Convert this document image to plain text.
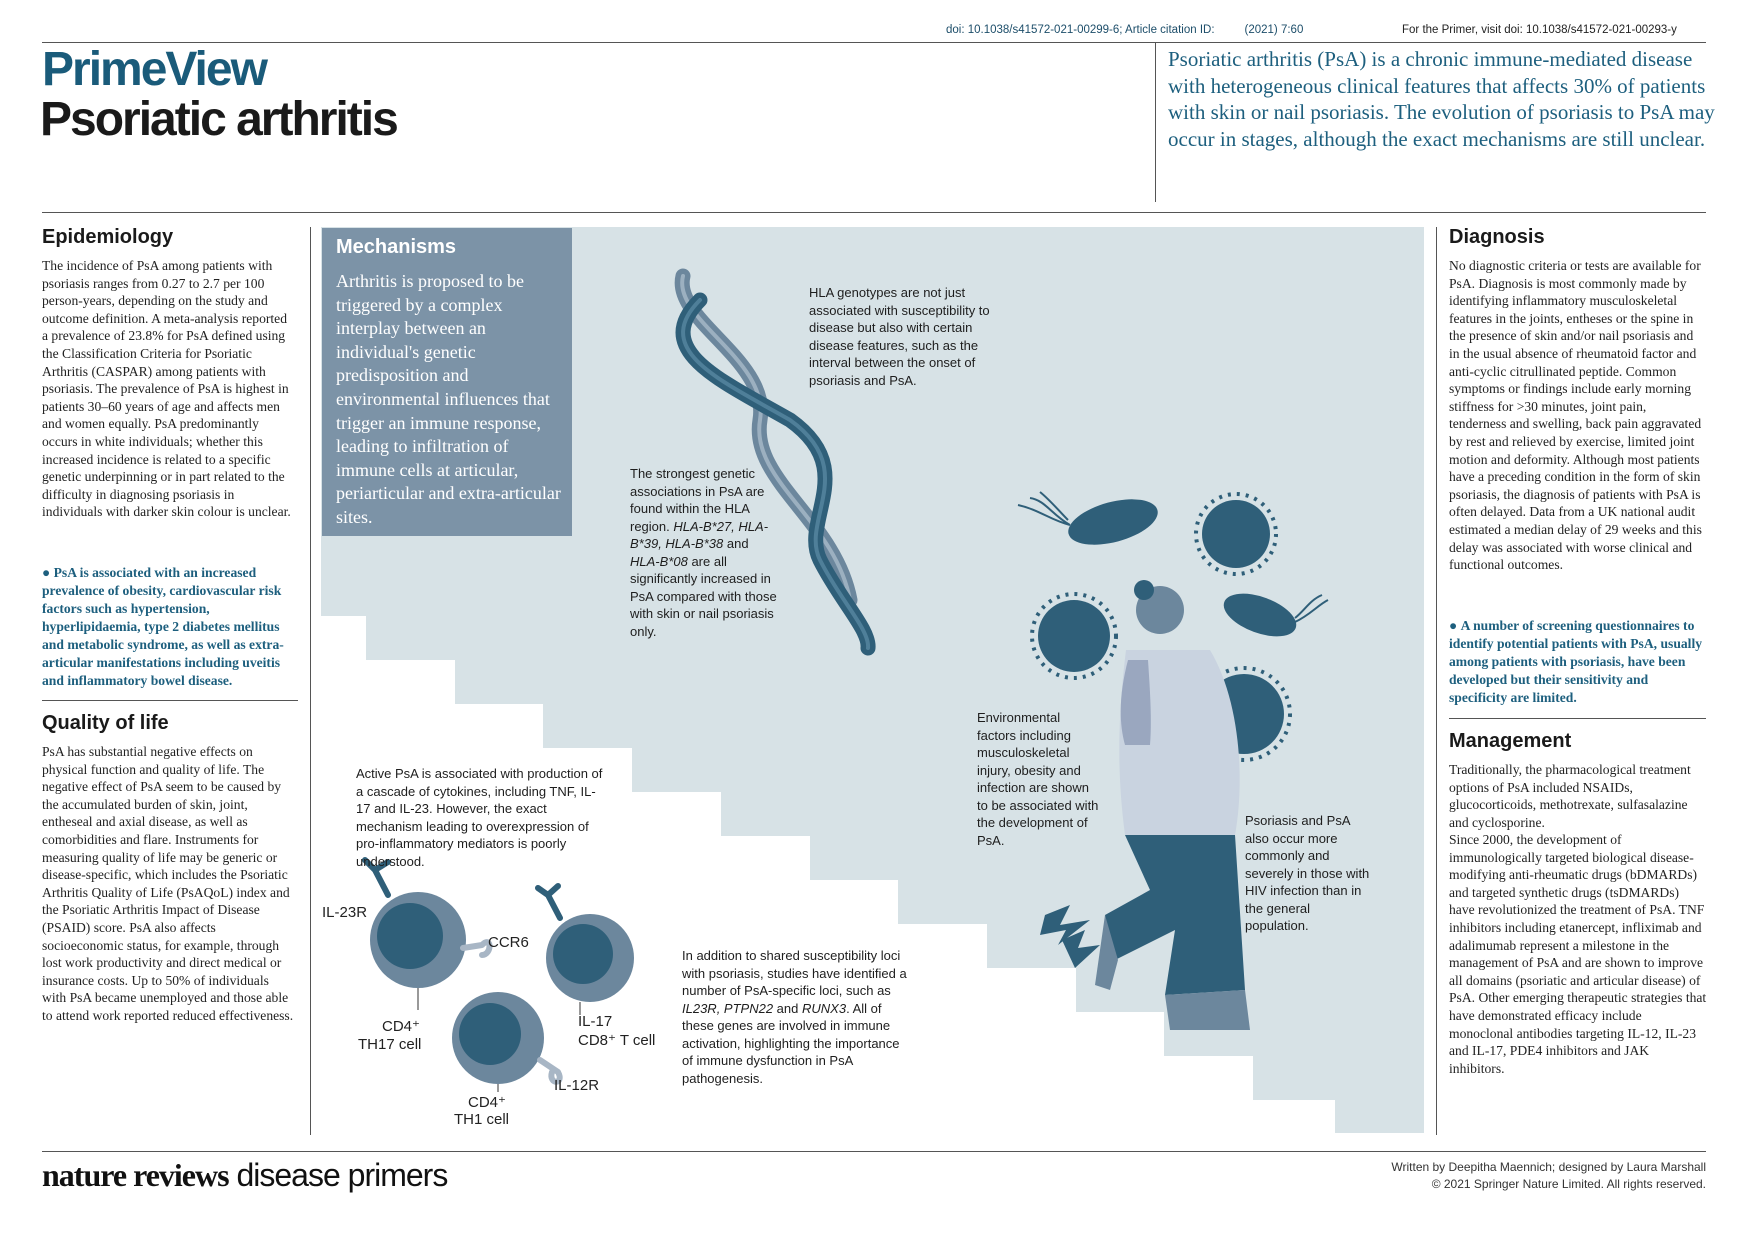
doi: 10.1038/s41572-021-00299-6; Article citation ID:	(2021) 7:60	For the Primer, visit doi: 10.1038/s41572-021-00293-y
PrimeView
Psoriatic arthritis
Psoriatic arthritis (PsA) is a chronic immune-mediated disease with heterogeneous clinical features that affects 30% of patients with skin or nail psoriasis. The evolution of psoriasis to PsA may occur in stages, although the exact mechanisms are still unclear.
Epidemiology
The incidence of PsA among patients with psoriasis ranges from 0.27 to 2.7 per 100 person-years, depending on the study and outcome definition. A meta-analysis reported a prevalence of 23.8% for PsA defined using the Classification Criteria for Psoriatic Arthritis (CASPAR) among patients with psoriasis. The prevalence of PsA is highest in patients 30–60 years of age and affects men and women equally. PsA predominantly occurs in white individuals; whether this increased incidence is related to a specific genetic underpinning or in part related to the difficulty in diagnosing psoriasis in individuals with darker skin colour is unclear.
● PsA is associated with an increased prevalence of obesity, cardiovascular risk factors such as hypertension, hyperlipidaemia, type 2 diabetes mellitus and metabolic syndrome, as well as extra-articular manifestations including uveitis and inflammatory bowel disease.
Quality of life
PsA has substantial negative effects on physical function and quality of life. The negative effect of PsA seem to be caused by the accumulated burden of skin, joint, entheseal and axial disease, as well as comorbidities and flare. Instruments for measuring quality of life may be generic or disease-specific, which includes the Psoriatic Arthritis Quality of Life (PsAQoL) index and the Psoriatic Arthritis Impact of Disease (PSAID) score. PsA also affects socioeconomic status, for example, through lost work productivity and direct medical or insurance costs. Up to 50% of individuals with PsA became unemployed and those able to attend work reported reduced effectiveness.
Diagnosis
No diagnostic criteria or tests are available for PsA. Diagnosis is most commonly made by identifying inflammatory musculoskeletal features in the joints, entheses or the spine in the presence of skin and/or nail psoriasis and in the usual absence of rheumatoid factor and anti-cyclic citrullinated peptide. Common symptoms or findings include early morning stiffness for >30 minutes, joint pain, tenderness and swelling, back pain aggravated by rest and relieved by exercise, limited joint motion and deformity. Although most patients have a preceding condition in the form of skin psoriasis, the diagnosis of patients with PsA is often delayed. Data from a UK national audit estimated a median delay of 29 weeks and this delay was associated with worse clinical and functional outcomes.
● A number of screening questionnaires to identify potential patients with PsA, usually among patients with psoriasis, have been developed but their sensitivity and specificity are limited.
Management
Traditionally, the pharmacological treatment options of PsA included NSAIDs, glucocorticoids, methotrexate, sulfasalazine and cyclosporine.
Since 2000, the development of immunologically targeted biological disease-modifying anti-rheumatic drugs (bDMARDs) and targeted synthetic drugs (tsDMARDs) have revolutionized the treatment of PsA. TNF inhibitors including etanercept, infliximab and adalimumab represent a milestone in the management of PsA and are shown to improve all domains (psoriatic and articular disease) of PsA. Other emerging therapeutic strategies that have demonstrated efficacy include monoclonal antibodies targeting IL-12, IL-23 and IL-17, PDE4 inhibitors and JAK inhibitors.
Mechanisms
Arthritis is proposed to be triggered by a complex interplay between an individual's genetic predisposition and environmental influences that trigger an immune response, leading to infiltration of immune cells at articular, periarticular and extra-articular sites.
HLA genotypes are not just associated with susceptibility to disease but also with certain disease features, such as the interval between the onset of psoriasis and PsA.
The strongest genetic associations in PsA are found within the HLA region. HLA-B*27, HLA-B*39, HLA-B*38 and HLA-B*08 are all significantly increased in PsA compared with those with skin or nail psoriasis only.
Active PsA is associated with production of a cascade of cytokines, including TNF, IL-17 and IL-23. However, the exact mechanism leading to overexpression of pro-inflammatory mediators is poorly understood.
Environmental factors including musculoskeletal injury, obesity and infection are shown to be associated with the development of PsA.
Psoriasis and PsA also occur more commonly and severely in those with HIV infection than in the general population.
In addition to shared susceptibility loci with psoriasis, studies have identified a number of PsA-specific loci, such as IL23R, PTPN22 and RUNX3. All of these genes are involved in immune activation, highlighting the importance of immune dysfunction in PsA pathogenesis.
IL-23R
CCR6
CD4⁺
TH17 cell
IL-17
CD8⁺ T cell
IL-12R
CD4⁺
TH1 cell
nature reviews disease primers	Written by Deepitha Maennich; designed by Laura Marshall
© 2021 Springer Nature Limited. All rights reserved.
